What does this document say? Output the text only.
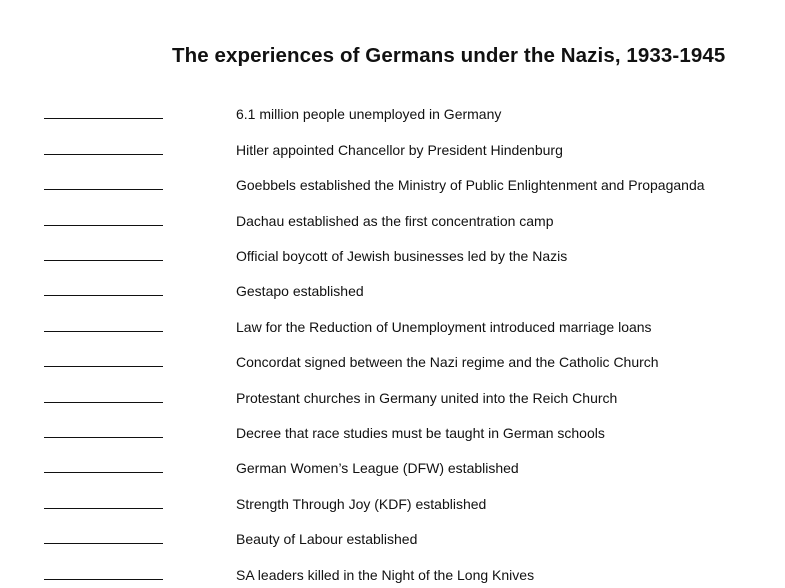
The experiences of Germans under the Nazis, 1933-1945
6.1 million people unemployed in Germany
Hitler appointed Chancellor by President Hindenburg
Goebbels established the Ministry of Public Enlightenment and Propaganda
Dachau established as the first concentration camp
Official boycott of Jewish businesses led by the Nazis
Gestapo established
Law for the Reduction of Unemployment introduced marriage loans
Concordat signed between the Nazi regime and the Catholic Church
Protestant churches in Germany united into the Reich Church
Decree that race studies must be taught in German schools
German Women’s League (DFW) established
Strength Through Joy (KDF) established
Beauty of Labour established
SA leaders killed in the Night of the Long Knives
